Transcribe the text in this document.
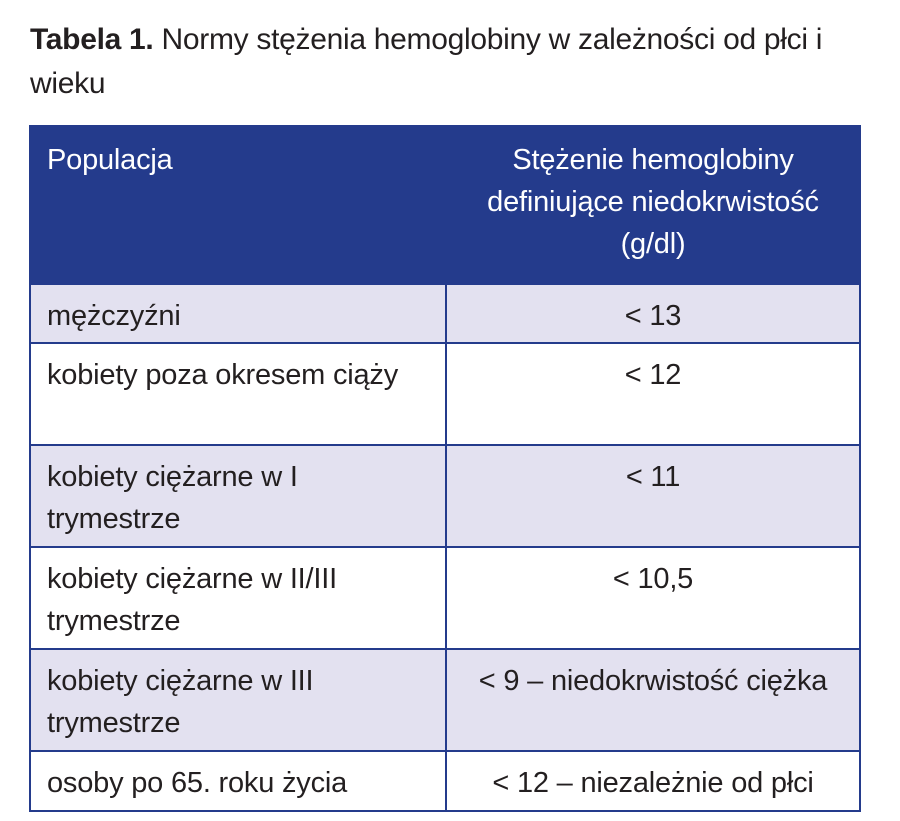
Tabela 1. Normy stężenia hemoglobiny w zależności od płci i wieku
Populacja	Stężenie hemoglobiny definiujące niedokrwistość (g/dl)
mężczyźni	< 13
kobiety poza okresem ciąży	< 12
kobiety ciężarne w I trymestrze	< 11
kobiety ciężarne w II/III trymestrze	< 10,5
kobiety ciężarne w III trymestrze	< 9 – niedokrwistość ciężka
osoby po 65. roku życia	< 12 – niezależnie od płci
